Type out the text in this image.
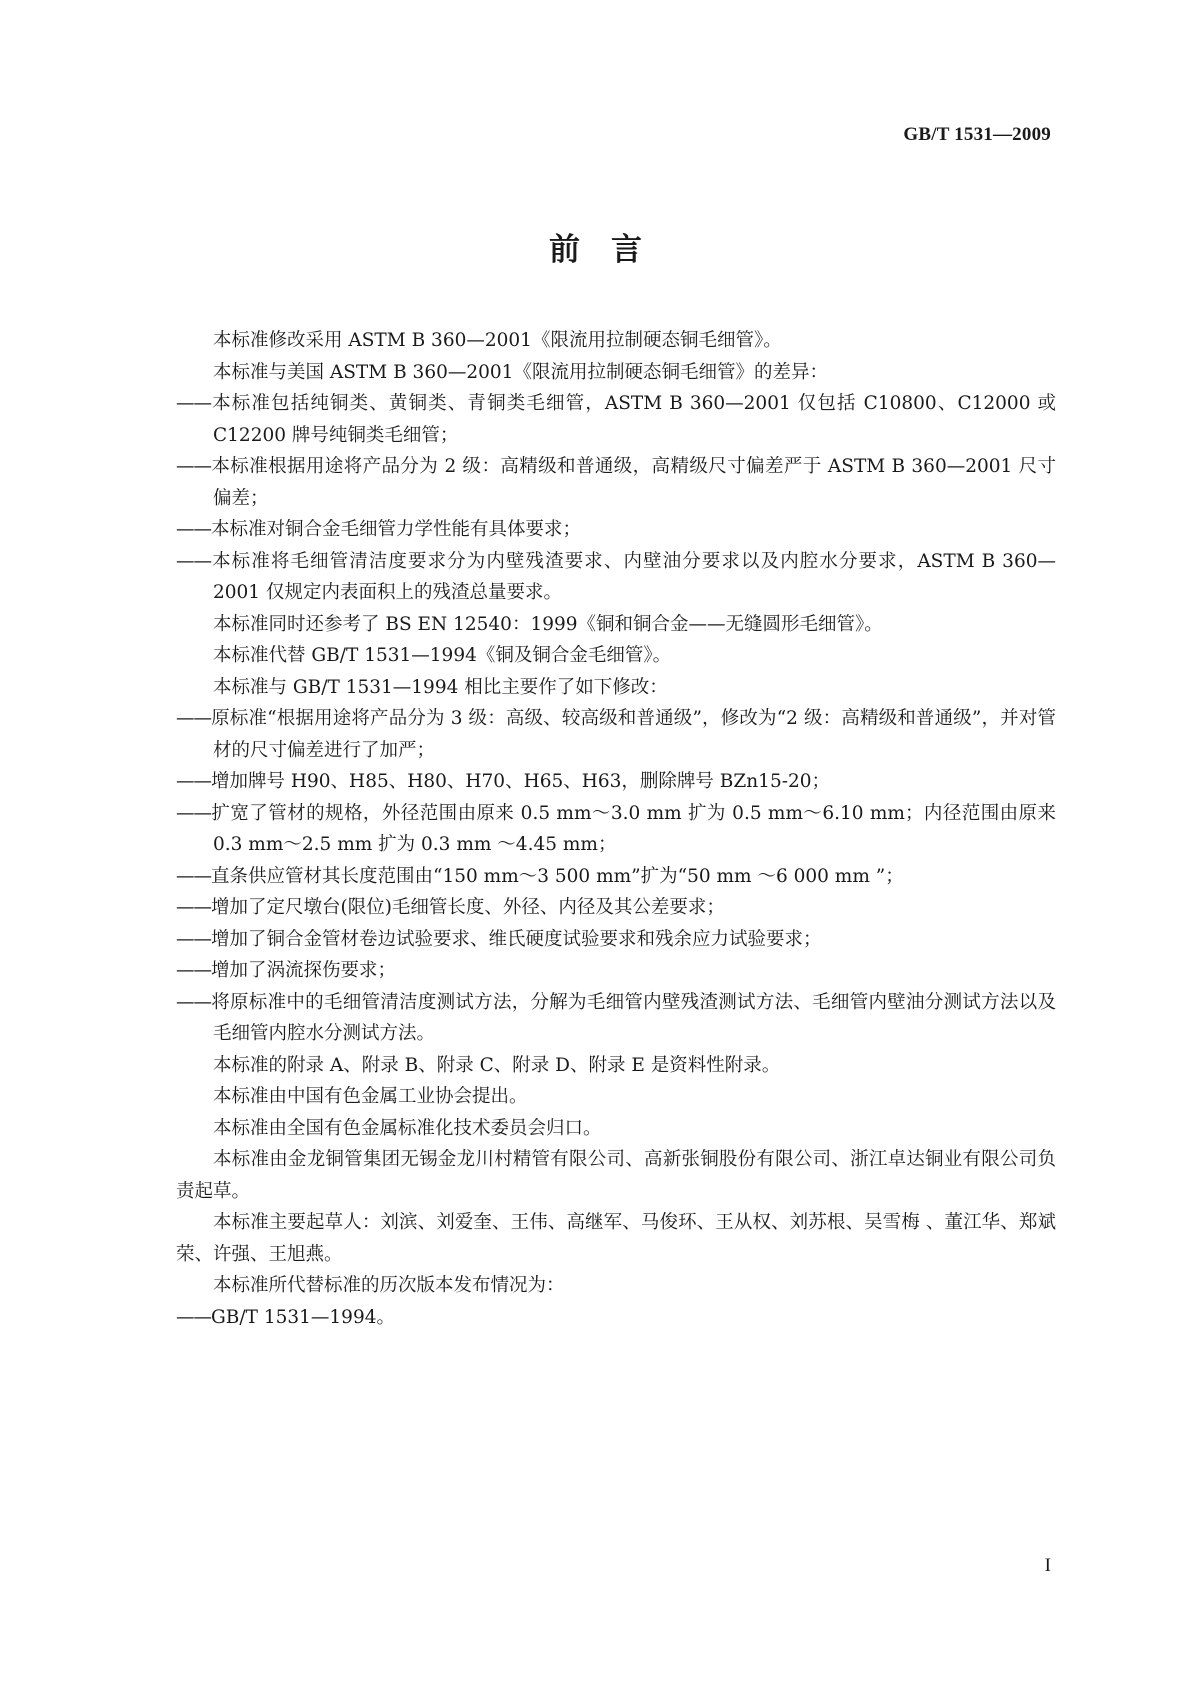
GB/T 1531—2009
前　言

本标准修改采用 ASTM B 360—2001《限流用拉制硬态铜毛细管》。

本标准与美国 ASTM B 360—2001《限流用拉制硬态铜毛细管》的差异：

——本标准包括纯铜类、黄铜类、青铜类毛细管，ASTM B 360—2001 仅包括 C10800、C12000 或 C12200 牌号纯铜类毛细管；

——本标准根据用途将产品分为 2 级：高精级和普通级，高精级尺寸偏差严于 ASTM B 360—2001 尺寸偏差；

——本标准对铜合金毛细管力学性能有具体要求；

——本标准将毛细管清洁度要求分为内壁残渣要求、内壁油分要求以及内腔水分要求，ASTM B 360—2001 仅规定内表面积上的残渣总量要求。

本标准同时还参考了 BS EN 12540：1999《铜和铜合金——无缝圆形毛细管》。

本标准代替 GB/T 1531—1994《铜及铜合金毛细管》。

本标准与 GB/T 1531—1994 相比主要作了如下修改：

——原标准“根据用途将产品分为 3 级：高级、较高级和普通级”，修改为“2 级：高精级和普通级”，并对管材的尺寸偏差进行了加严；

——增加牌号 H90、H85、H80、H70、H65、H63，删除牌号 BZn15-20；

——扩宽了管材的规格，外径范围由原来 0.5 mm～3.0 mm 扩为 0.5 mm～6.10 mm；内径范围由原来 0.3 mm～2.5 mm 扩为 0.3 mm ～4.45 mm；

——直条供应管材其长度范围由“150 mm～3 500 mm”扩为“50 mm ～6 000 mm ”；

——增加了定尺墩台(限位)毛细管长度、外径、内径及其公差要求；

——增加了铜合金管材卷边试验要求、维氏硬度试验要求和残余应力试验要求；

——增加了涡流探伤要求；

——将原标准中的毛细管清洁度测试方法，分解为毛细管内壁残渣测试方法、毛细管内壁油分测试方法以及毛细管内腔水分测试方法。

本标准的附录 A、附录 B、附录 C、附录 D、附录 E 是资料性附录。

本标准由中国有色金属工业协会提出。

本标准由全国有色金属标准化技术委员会归口。

本标准由金龙铜管集团无锡金龙川村精管有限公司、高新张铜股份有限公司、浙江卓达铜业有限公司负责起草。

本标准主要起草人：刘滨、刘爱奎、王伟、高继军、马俊环、王从权、刘苏根、吴雪梅 、董江华、郑斌荣、许强、王旭燕。

本标准所代替标准的历次版本发布情况为：

——GB/T 1531—1994。

I
